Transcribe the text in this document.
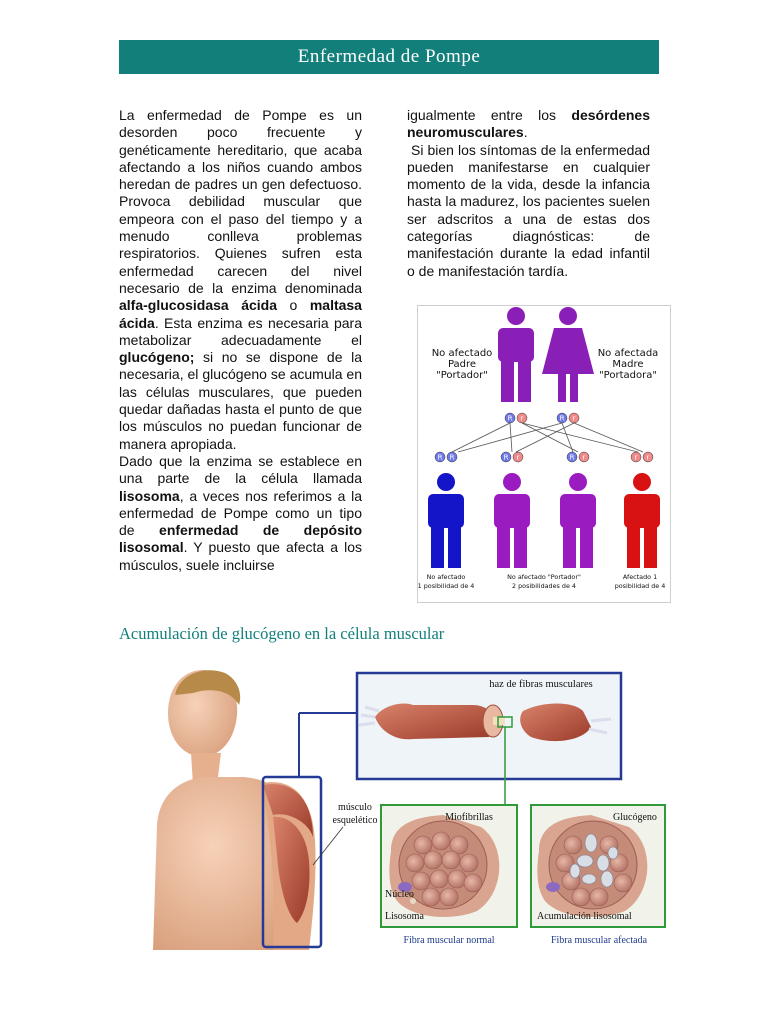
Enfermedad de Pompe

La enfermedad de Pompe es un desorden poco frecuente y genéticamente hereditario, que acaba afectando a los niños cuando ambos heredan de padres un gen defectuoso. Provoca debilidad muscular que empeora con el paso del tiempo y a menudo conlleva problemas respiratorios. Quienes sufren esta enfermedad carecen del nivel necesario de la enzima denominada alfa-glucosidasa ácida o maltasa ácida. Esta enzima es necesaria para metabolizar adecuadamente el glucógeno; si no se dispone de la necesaria, el glucógeno se acumula en las células musculares, que pueden quedar dañadas hasta el punto de que los músculos no puedan funcionar de manera apropiada.

Dado que la enzima se establece en una parte de la célula llamada lisosoma, a veces nos referimos a la enfermedad de Pompe como un tipo de enfermedad de depósito lisosomal. Y puesto que afecta a los músculos, suele incluirse

igualmente entre los desórdenes neuromusculares.

Si bien los síntomas de la enfermedad pueden manifestarse en cualquier momento de la vida, desde la infancia hasta la madurez, los pacientes suelen ser adscritos a una de estas dos categorías diagnósticas: de manifestación durante la edad infantil o de manifestación tardía.

No afectado
Padre
"Portador"
No afectada
Madre
"Portadora"
R r	R r
R R	R r	R r	r r
No afectado
1 posibilidad de 4
No afectado "Portador"
2 posibilidades de 4
Afectado 1
posibilidad de 4
Acumulación de glucógeno en la célula muscular
haz de fibras musculares
Miofibrillas
Núcleo
Lisosoma
Fibra muscular normal
Glucógeno
Acumulación lisosomal
Fibra muscular afectada
músculo
esquelético
